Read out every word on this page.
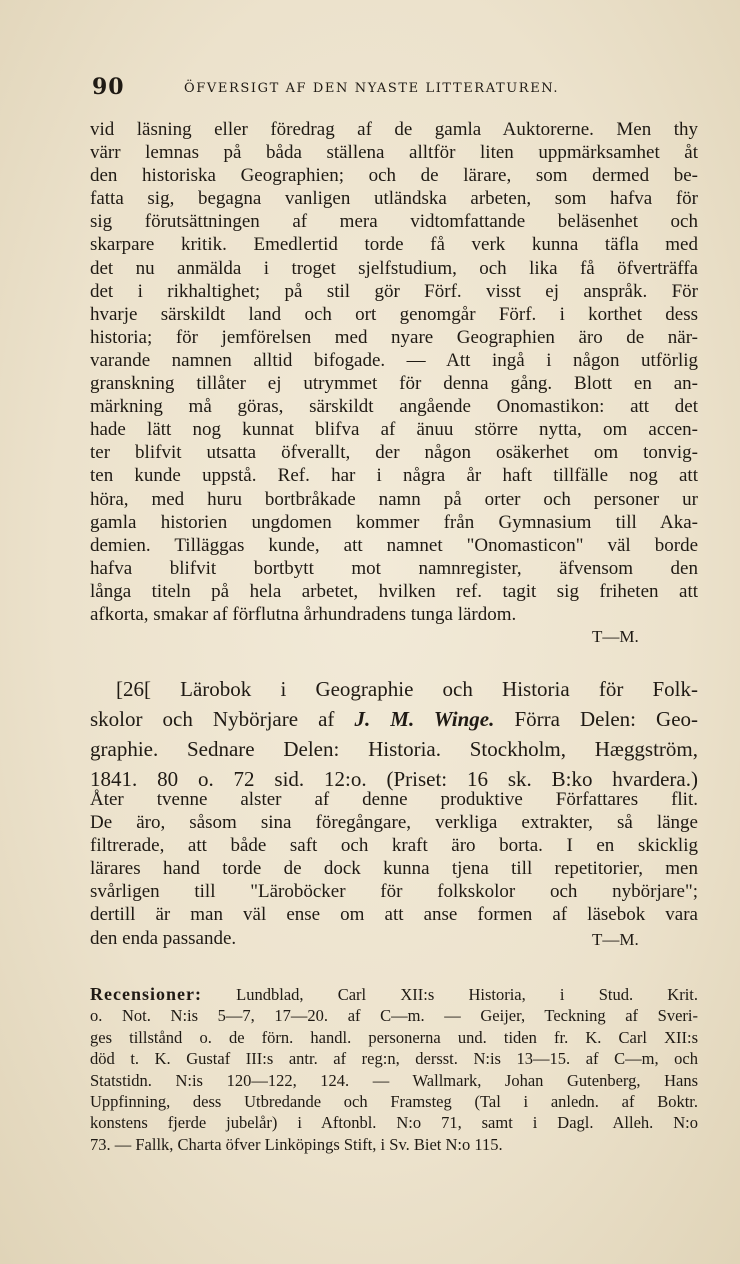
90	ÖFVERSIGT AF DEN NYASTE LITTERATUREN.
vid läsning eller föredrag af de gamla Auktorerne. Men thy
värr lemnas på båda ställena alltför liten uppmärksamhet åt
den historiska Geographien; och de lärare, som dermed be-
fatta sig, begagna vanligen utländska arbeten, som hafva för
sig förutsättningen af mera vidtomfattande beläsenhet och
skarpare kritik. Emedlertid torde få verk kunna täfla med
det nu anmälda i troget sjelfstudium, och lika få öfverträffa
det i rikhaltighet; på stil gör Förf. visst ej anspråk. För
hvarje särskildt land och ort genomgår Förf. i korthet dess
historia; för jemförelsen med nyare Geographien äro de när-
varande namnen alltid bifogade. — Att ingå i någon utförlig
granskning tillåter ej utrymmet för denna gång. Blott en an-
märkning må göras, särskildt angående Onomastikon: att det
hade lätt nog kunnat blifva af änuu större nytta, om accen-
ter blifvit utsatta öfverallt, der någon osäkerhet om tonvig-
ten kunde uppstå. Ref. har i några år haft tillfälle nog att
höra, med huru bortbråkade namn på orter och personer ur
gamla historien ungdomen kommer från Gymnasium till Aka-
demien. Tilläggas kunde, att namnet "Onomasticon" väl borde
hafva blifvit bortbytt mot namnregister, äfvensom den
långa titeln på hela arbetet, hvilken ref. tagit sig friheten att
afkorta, smakar af förflutna århundradens tunga lärdom.
T—M.
[26[ Lärobok i Geographie och Historia för Folk-
skolor och Nybörjare af J. M. Winge. Förra Delen: Geo-
graphie. Sednare Delen: Historia. Stockholm, Hæggström,
1841. 80 o. 72 sid. 12:o. (Priset: 16 sk. B:ko hvardera.)
Åter tvenne alster af denne produktive Författares flit.
De äro, såsom sina föregångare, verkliga extrakter, så länge
filtrerade, att både saft och kraft äro borta. I en skicklig
lärares hand torde de dock kunna tjena till repetitorier, men
svårligen till "Läroböcker för folkskolor och nybörjare";
dertill är man väl ense om att anse formen af läsebok vara
den enda passande.	T—M.
Recensioner: Lundblad, Carl XII:s Historia, i Stud. Krit.
o. Not. N:is 5—7, 17—20. af C—m. — Geijer, Teckning af Sveri-
ges tillstånd o. de förn. handl. personerna und. tiden fr. K. Carl XII:s
död t. K. Gustaf III:s antr. af reg:n, dersst. N:is 13—15. af C—m, och
Statstidn. N:is 120—122, 124. — Wallmark, Johan Gutenberg, Hans
Uppfinning, dess Utbredande och Framsteg (Tal i anledn. af Boktr.
konstens fjerde jubelår) i Aftonbl. N:o 71, samt i Dagl. Alleh. N:o
73. — Fallk, Charta öfver Linköpings Stift, i Sv. Biet N:o 115.
